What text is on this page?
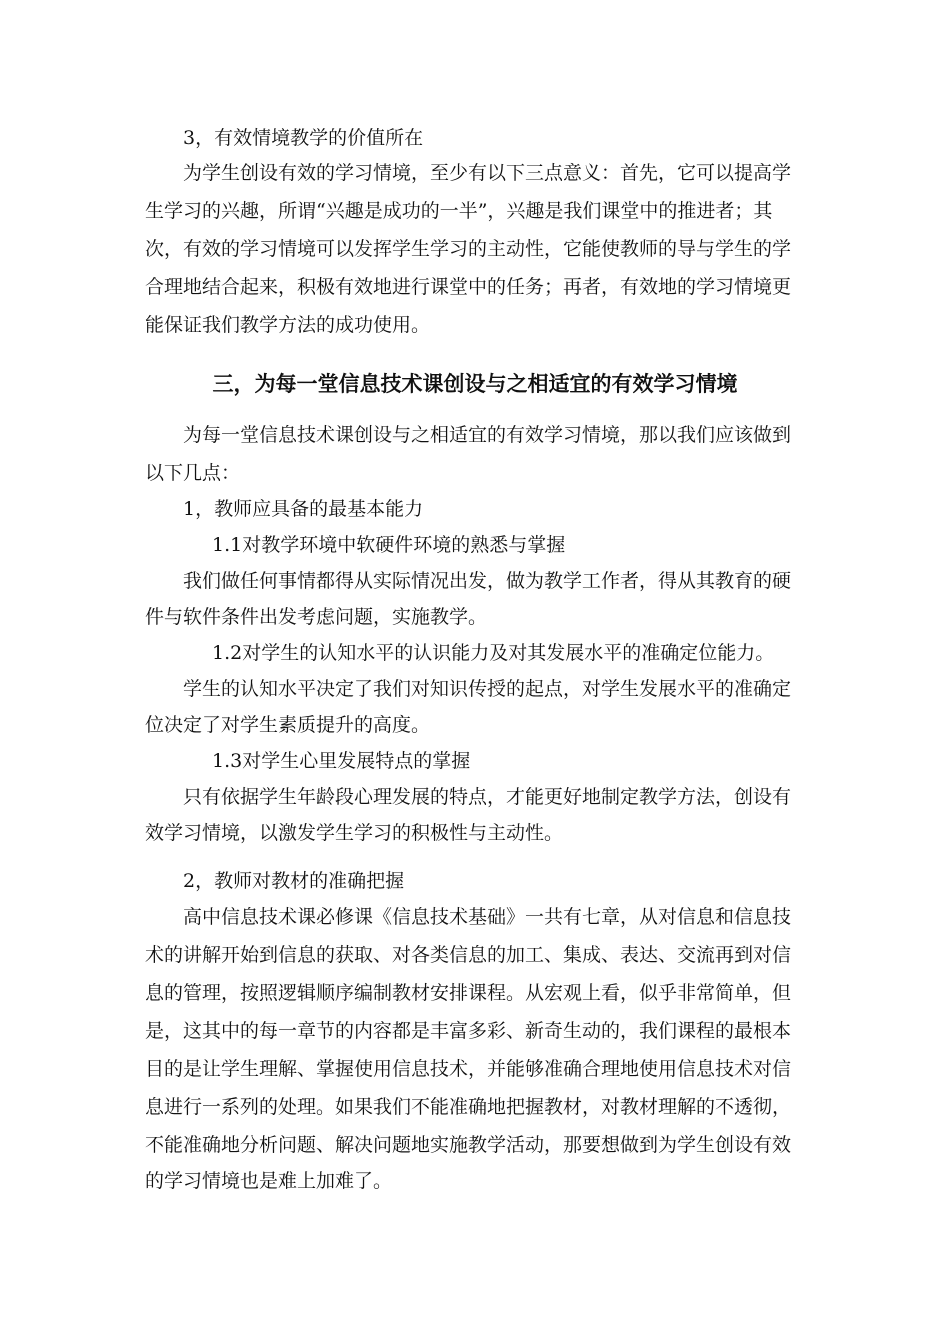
3，有效情境教学的价值所在
为学生创设有效的学习情境，至少有以下三点意义：首先，它可以提高学
生学习的兴趣，所谓“兴趣是成功的一半”，兴趣是我们课堂中的推进者；其
次，有效的学习情境可以发挥学生学习的主动性，它能使教师的导与学生的学
合理地结合起来，积极有效地进行课堂中的任务；再者，有效地的学习情境更
能保证我们教学方法的成功使用。
三，为每一堂信息技术课创设与之相适宜的有效学习情境
为每一堂信息技术课创设与之相适宜的有效学习情境，那以我们应该做到
以下几点：
1，教师应具备的最基本能力
1.1对教学环境中软硬件环境的熟悉与掌握
我们做任何事情都得从实际情况出发，做为教学工作者，得从其教育的硬
件与软件条件出发考虑问题，实施教学。
1.2对学生的认知水平的认识能力及对其发展水平的准确定位能力。
学生的认知水平决定了我们对知识传授的起点，对学生发展水平的准确定
位决定了对学生素质提升的高度。
1.3对学生心里发展特点的掌握
只有依据学生年龄段心理发展的特点，才能更好地制定教学方法，创设有
效学习情境，以激发学生学习的积极性与主动性。
2，教师对教材的准确把握
高中信息技术课必修课《信息技术基础》一共有七章，从对信息和信息技
术的讲解开始到信息的获取、对各类信息的加工、集成、表达、交流再到对信
息的管理，按照逻辑顺序编制教材安排课程。从宏观上看，似乎非常简单，但
是，这其中的每一章节的内容都是丰富多彩、新奇生动的，我们课程的最根本
目的是让学生理解、掌握使用信息技术，并能够准确合理地使用信息技术对信
息进行一系列的处理。如果我们不能准确地把握教材，对教材理解的不透彻，
不能准确地分析问题、解决问题地实施教学活动，那要想做到为学生创设有效
的学习情境也是难上加难了。
